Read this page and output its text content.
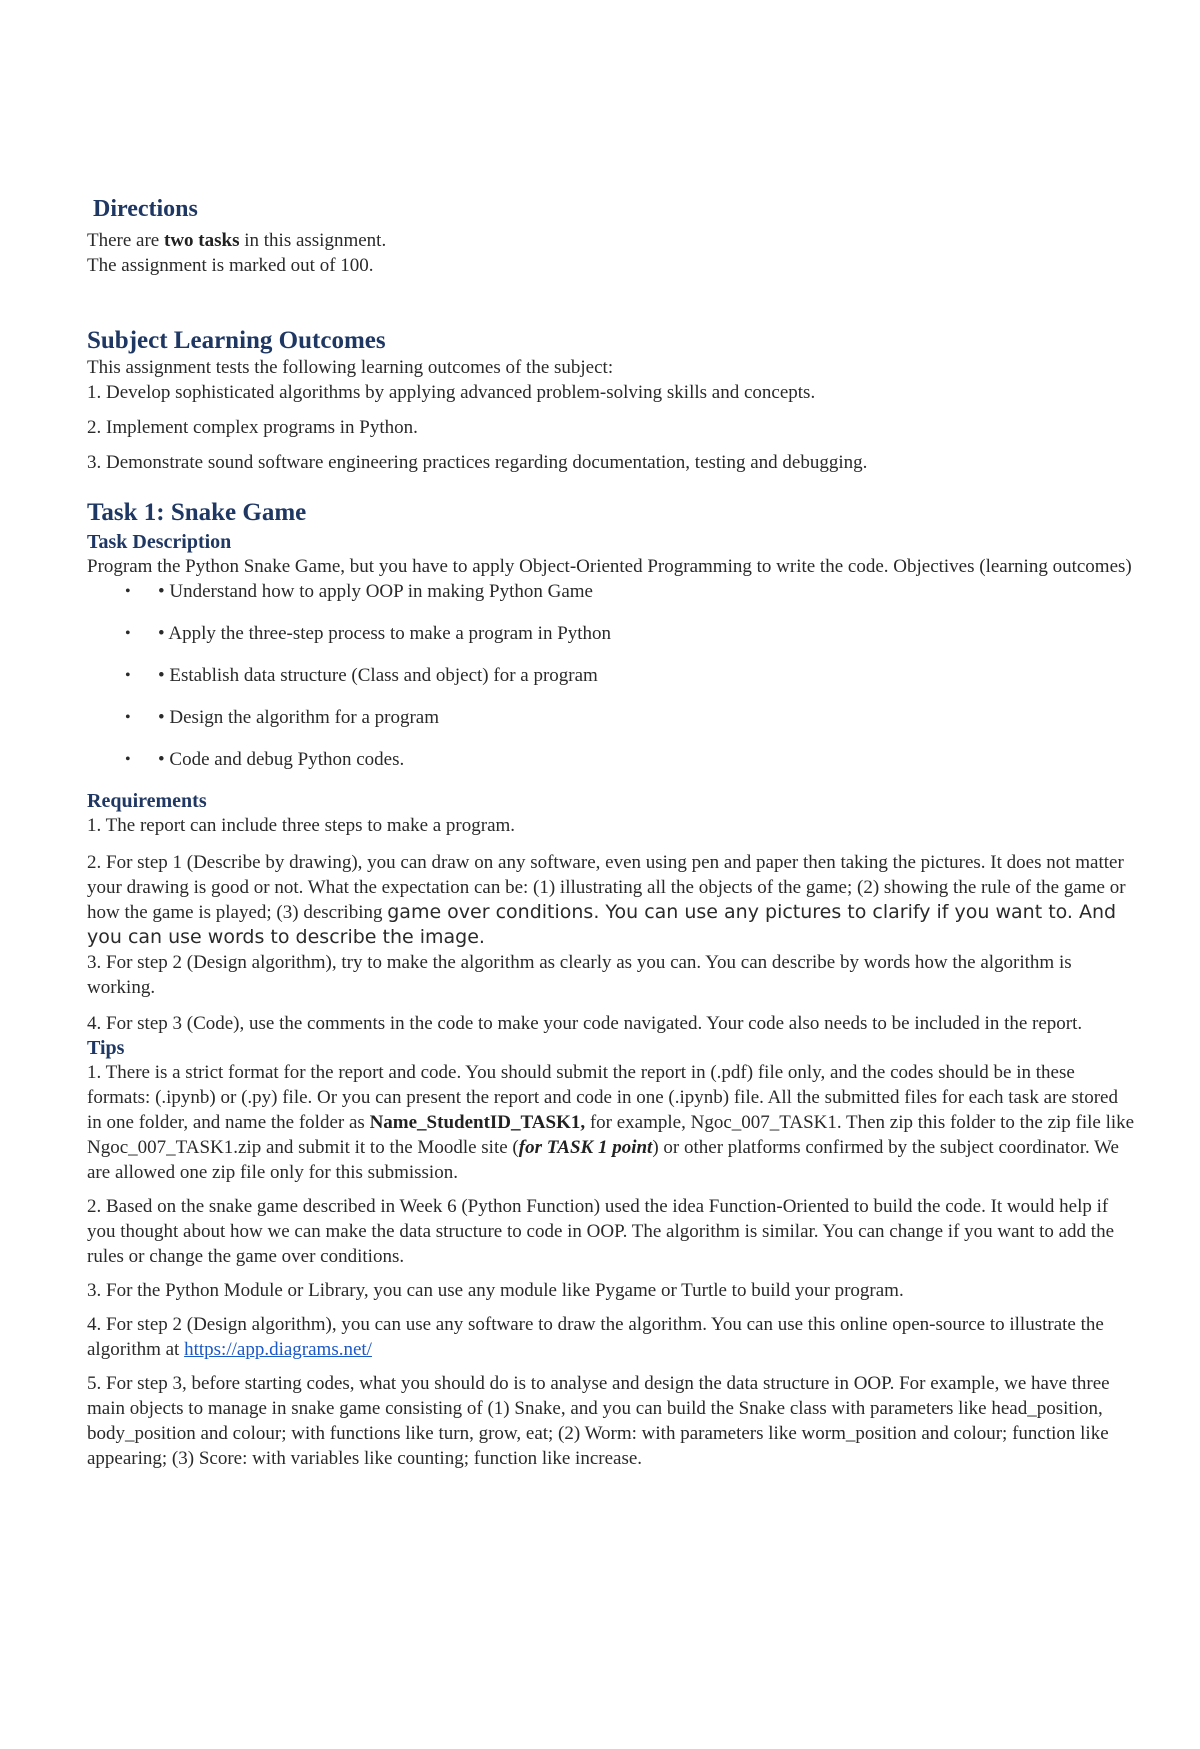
Directions

There are two tasks in this assignment.

The assignment is marked out of 100.

Subject Learning Outcomes

This assignment tests the following learning outcomes of the subject:

1. Develop sophisticated algorithms by applying advanced problem-solving skills and concepts.

2. Implement complex programs in Python.

3. Demonstrate sound software engineering practices regarding documentation, testing and debugging.

Task 1: Snake Game
Task Description

Program the Python Snake Game, but you have to apply Object-Oriented Programming to write the code. Objectives (learning outcomes)

• • Understand how to apply OOP in making Python Game
• • Apply the three-step process to make a program in Python
• • Establish data structure (Class and object) for a program
• • Design the algorithm for a program
• • Code and debug Python codes.
Requirements

1. The report can include three steps to make a program.

2. For step 1 (Describe by drawing), you can draw on any software, even using pen and paper then taking the pictures. It does not matter your drawing is good or not. What the expectation can be: (1) illustrating all the objects of the game; (2) showing the rule of the game or how the game is played; (3) describing game over conditions. You can use any pictures to clarify if you want to. And you can use words to describe the image.

3. For step 2 (Design algorithm), try to make the algorithm as clearly as you can. You can describe by words how the algorithm is working.

4. For step 3 (Code), use the comments in the code to make your code navigated. Your code also needs to be included in the report.

Tips

1. There is a strict format for the report and code. You should submit the report in (.pdf) file only, and the codes should be in these formats: (.ipynb) or (.py) file. Or you can present the report and code in one (.ipynb) file. All the submitted files for each task are stored in one folder, and name the folder as Name_StudentID_TASK1, for example, Ngoc_007_TASK1. Then zip this folder to the zip file like Ngoc_007_TASK1.zip and submit it to the Moodle site (for TASK 1 point) or other platforms confirmed by the subject coordinator. We are allowed one zip file only for this submission.

2. Based on the snake game described in Week 6 (Python Function) used the idea Function-Oriented to build the code. It would help if you thought about how we can make the data structure to code in OOP. The algorithm is similar. You can change if you want to add the rules or change the game over conditions.

3. For the Python Module or Library, you can use any module like Pygame or Turtle to build your program.

4. For step 2 (Design algorithm), you can use any software to draw the algorithm. You can use this online open-source to illustrate the algorithm at https://app.diagrams.net/

5. For step 3, before starting codes, what you should do is to analyse and design the data structure in OOP. For example, we have three main objects to manage in snake game consisting of (1) Snake, and you can build the Snake class with parameters like head_position, body_position and colour; with functions like turn, grow, eat; (2) Worm: with parameters like worm_position and colour; function like appearing; (3) Score: with variables like counting; function like increase.
